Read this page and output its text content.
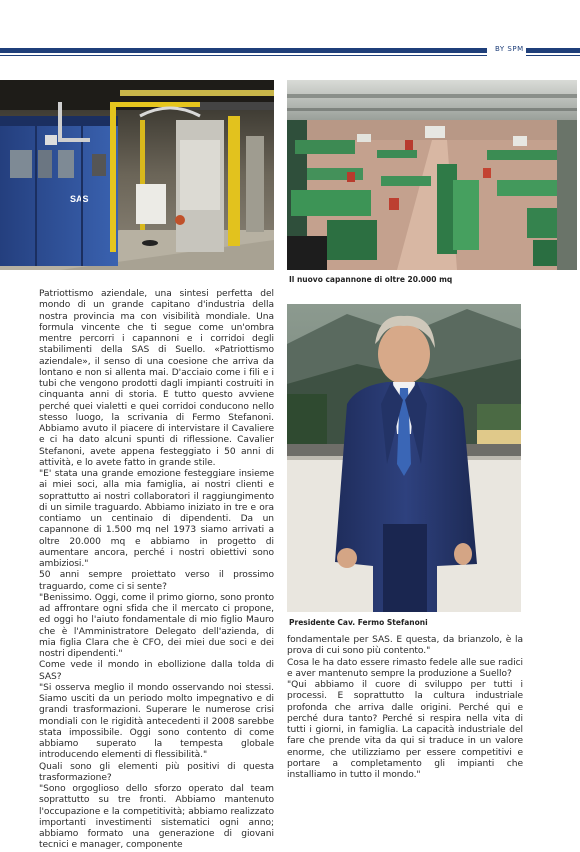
BY SPM
SAS
Il nuovo capannone di oltre 20.000 mq

Patriottismo aziendale, una sintesi perfetta del mondo di un grande capitano d'industria della nostra provincia ma con visibilità mondiale. Una formula vincente che ti segue come un'ombra mentre percorri i capannoni e i corridoi degli stabilimenti della SAS di Suello. «Patriottismo aziendale», il senso di una coesione che arriva da lontano e non si allenta mai. D'acciaio come i fili e i tubi che vengono prodotti dagli impianti costruiti in cinquanta anni di storia. E tutto questo avviene perché quei vialetti e quei corridoi conducono nello stesso luogo, la scrivania di Fermo Stefanoni. Abbiamo avuto il piacere di intervistare il Cavaliere e ci ha dato alcuni spunti di riflessione. Cavalier Stefanoni, avete appena festeggiato i 50 anni di attività, e lo avete fatto in grande stile.

"E' stata una grande emozione festeggiare insieme ai miei soci, alla mia famiglia, ai nostri clienti e soprattutto ai nostri collaboratori il raggiungimento di un simile traguardo. Abbiamo iniziato in tre e ora contiamo un centinaio di dipendenti. Da un capannone di 1.500 mq nel 1973 siamo arrivati a oltre 20.000 mq e abbiamo in progetto di aumentare ancora, perché i nostri obiettivi sono ambiziosi."

50 anni sempre proiettato verso il prossimo traguardo, come ci si sente?

"Benissimo. Oggi, come il primo giorno, sono pronto ad affrontare ogni sfida che il mercato ci propone, ed oggi ho l'aiuto fondamentale di mio figlio Mauro che è l'Amministratore Delegato dell'azienda, di mia figlia Clara che è CFO, dei miei due soci e dei nostri dipendenti."

Come vede il mondo in ebollizione dalla tolda di SAS?

"Si osserva meglio il mondo osservando noi stessi. Siamo usciti da un periodo molto impegnativo e di grandi trasformazioni. Superare le numerose crisi mondiali con le rigidità antecedenti il 2008 sarebbe stata impossibile. Oggi sono contento di come abbiamo superato la tempesta globale introducendo elementi di flessibilità."

Quali sono gli elementi più positivi di questa trasformazione?

"Sono orgoglioso dello sforzo operato dal team soprattutto su tre fronti. Abbiamo mantenuto l'occupazione e la competitività; abbiamo realizzato importanti investimenti sistematici ogni anno; abbiamo formato una generazione di giovani tecnici e manager, componente

Presidente Cav. Fermo Stefanoni

fondamentale per SAS. E questa, da brianzolo, è la prova di cui sono più contento."

Cosa le ha dato essere rimasto fedele alle sue radici e aver mantenuto sempre la produzione a Suello?

"Qui abbiamo il cuore di sviluppo per tutti i processi. E soprattutto la cultura industriale profonda che arriva dalle origini. Perché qui e perché dura tanto? Perché si respira nella vita di tutti i giorni, in famiglia. La capacità industriale del fare che prende vita da qui si traduce in un valore enorme, che utilizziamo per essere competitivi e portare a completamento gli impianti che installiamo in tutto il mondo."
